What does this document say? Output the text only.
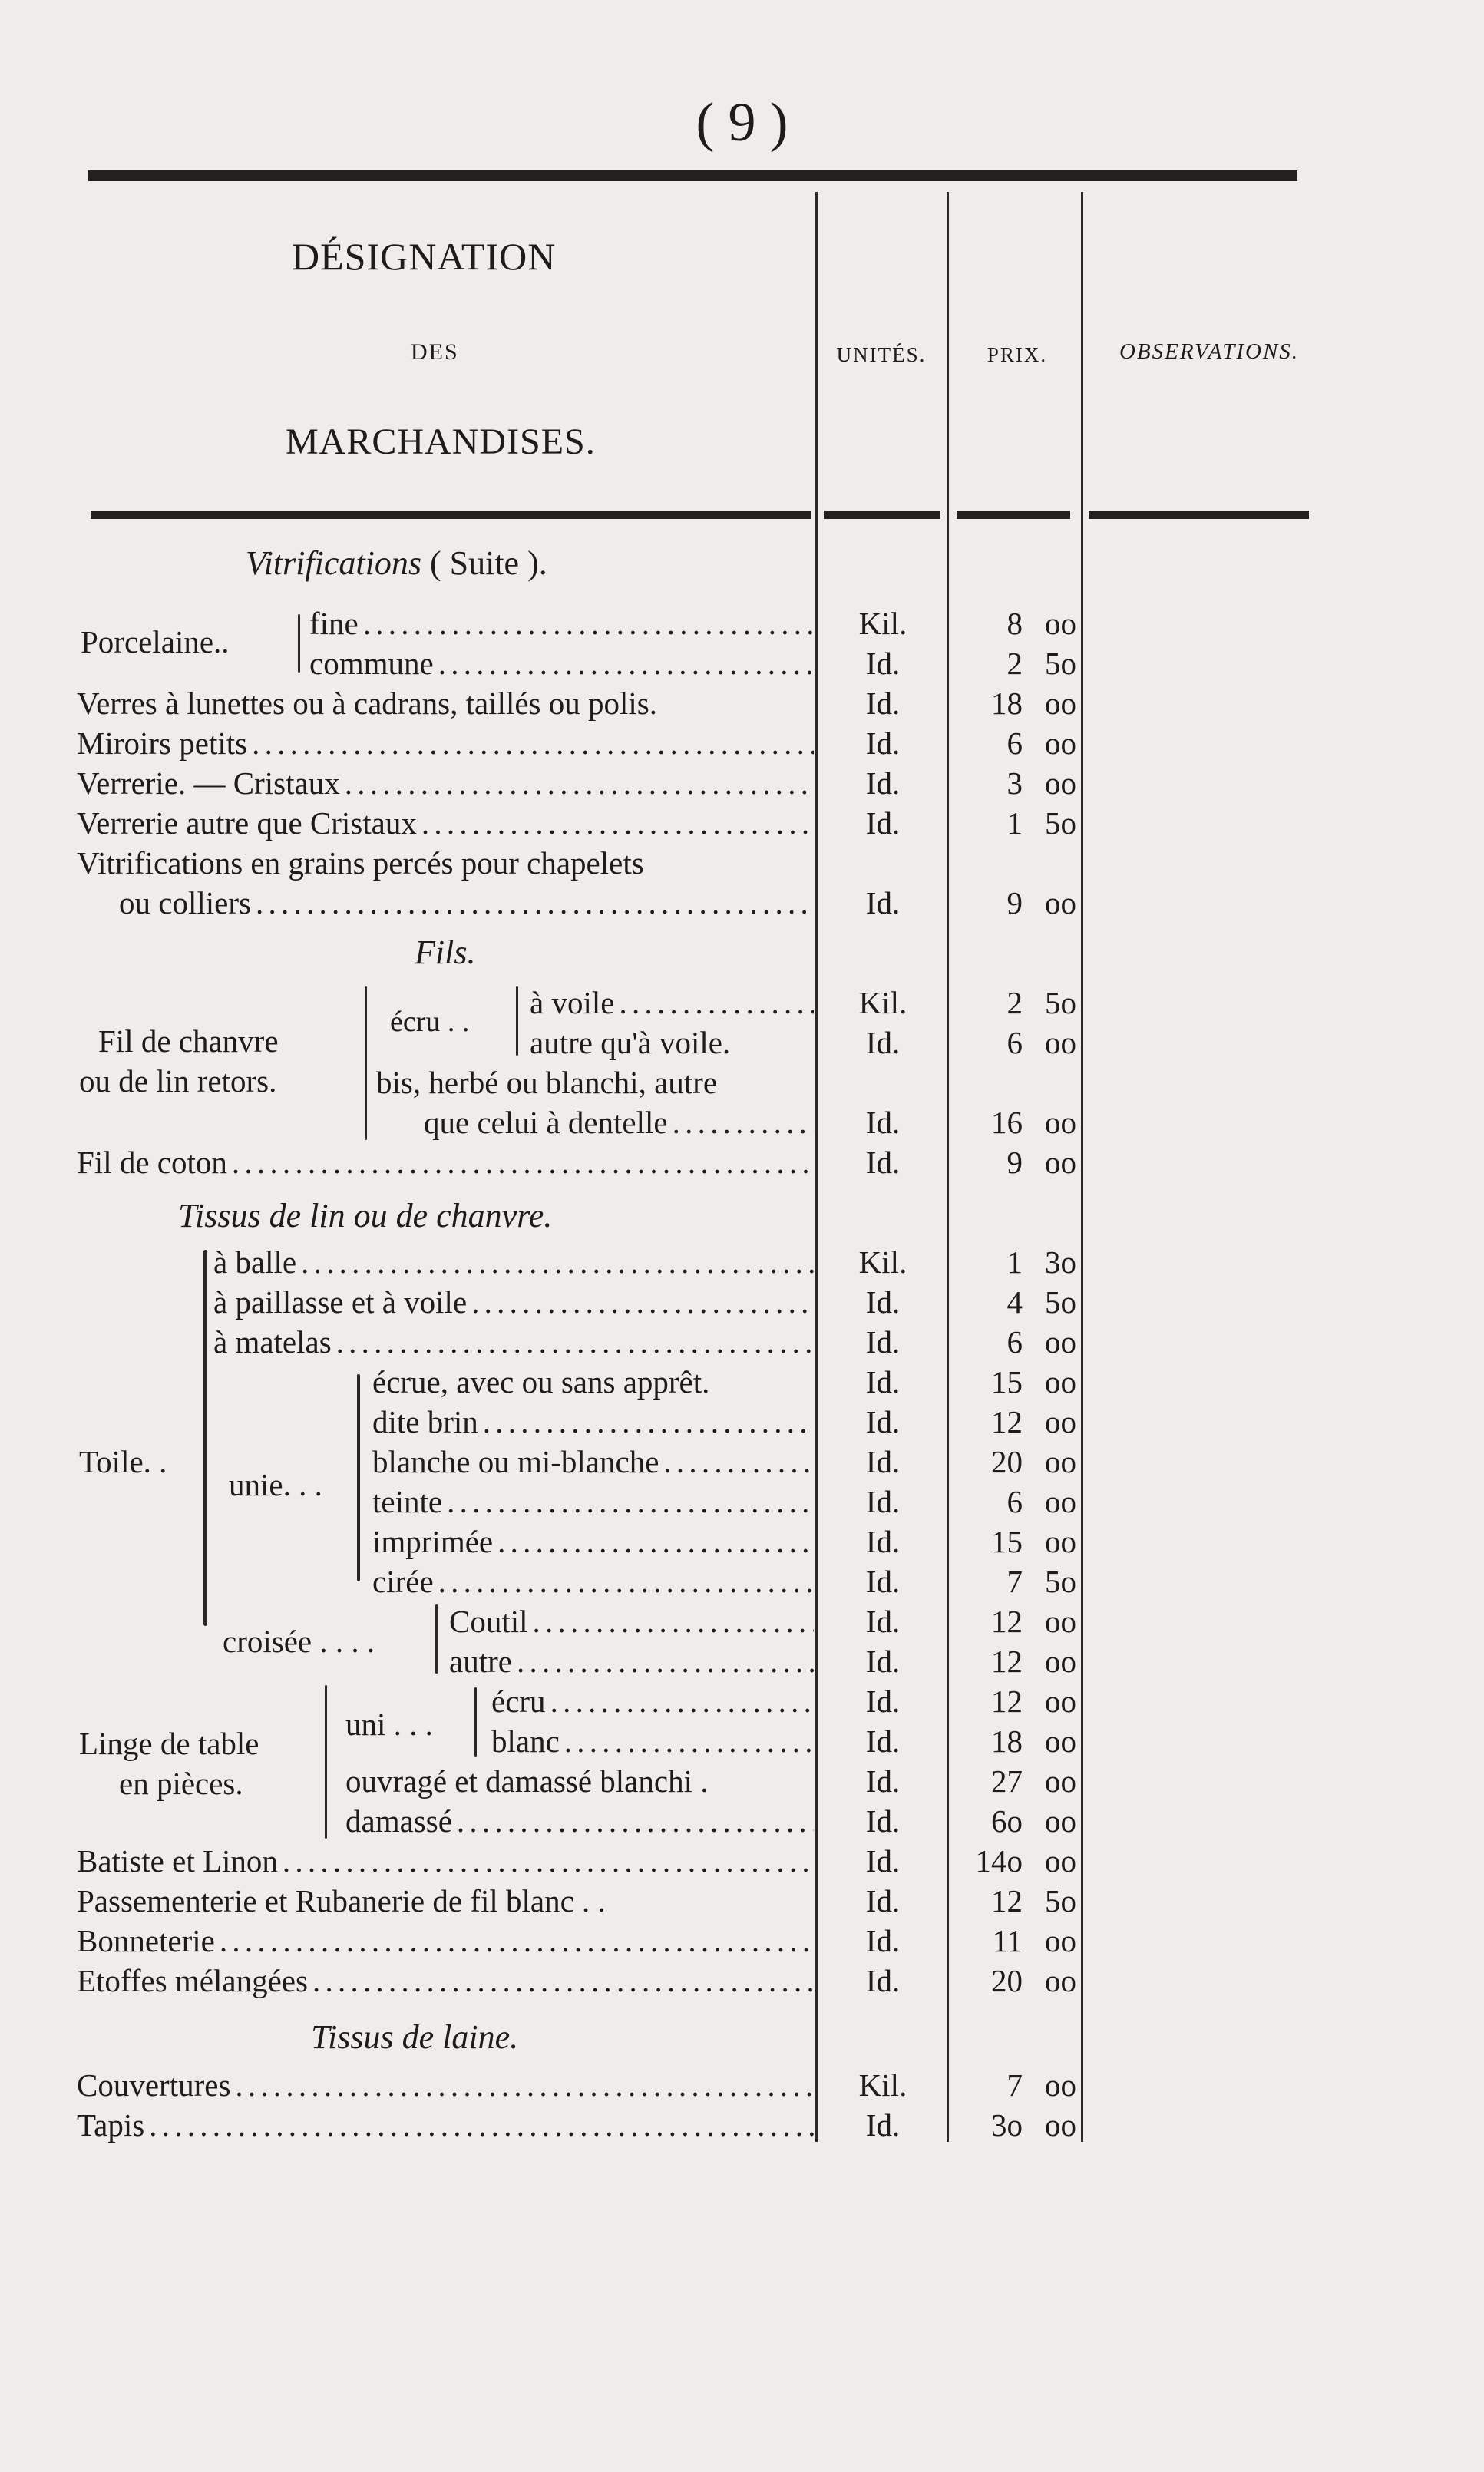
( 9 )
DÉSIGNATION
DES
MARCHANDISES.
UNITÉS.	PRIX.	OBSERVATIONS.
Vitrifications ( Suite ).
Porcelaine..
fine . . .	Kil.	8 oo
commune . . .	Id.	2 5o
Verres à lunettes ou à cadrans, taillés ou polis.	Id.	18 oo
Miroirs petits . . .	Id.	6 oo
Verrerie. — Cristaux . . .	Id.	3 oo
Verrerie autre que Cristaux . . .	Id.	1 5o
Vitrifications en grains percés pour chapelets
ou colliers . . .	Id.	9 oo
Fils.
Fil de chanvre
ou de lin retors.
écru . .
à voile . . .	Kil.	2 5o
autre qu'à voile.	Id.	6 oo
bis, herbé ou blanchi, autre
que celui à dentelle . . .	Id.	16 oo
Fil de coton . . .	Id.	9 oo
Tissus de lin ou de chanvre.
Toile. .
unie. . .
croisée . . . .
à balle . . .	Kil.	1 3o
à paillasse et à voile . . .	Id.	4 5o
à matelas . . .	Id.	6 oo
écrue, avec ou sans apprêt.	Id.	15 oo
dite brin . . .	Id.	12 oo
blanche ou mi-blanche . . .	Id.	20 oo
teinte . . .	Id.	6 oo
imprimée . . .	Id.	15 oo
cirée . . .	Id.	7 5o
Coutil . . .	Id.	12 oo
autre . . .	Id.	12 oo
Linge de table
en pièces.
uni . . .
écru . . .	Id.	12 oo
blanc . . .	Id.	18 oo
ouvragé et damassé blanchi .	Id.	27 oo
damassé . . .	Id.	6o oo
Batiste et Linon . . .	Id.	14o oo
Passementerie et Rubanerie de fil blanc . .	Id.	12 5o
Bonneterie . . .	Id.	11 oo
Etoffes mélangées . . .	Id.	20 oo
Tissus de laine.
Couvertures . . .	Kil.	7 oo
Tapis . . .	Id.	3o oo
